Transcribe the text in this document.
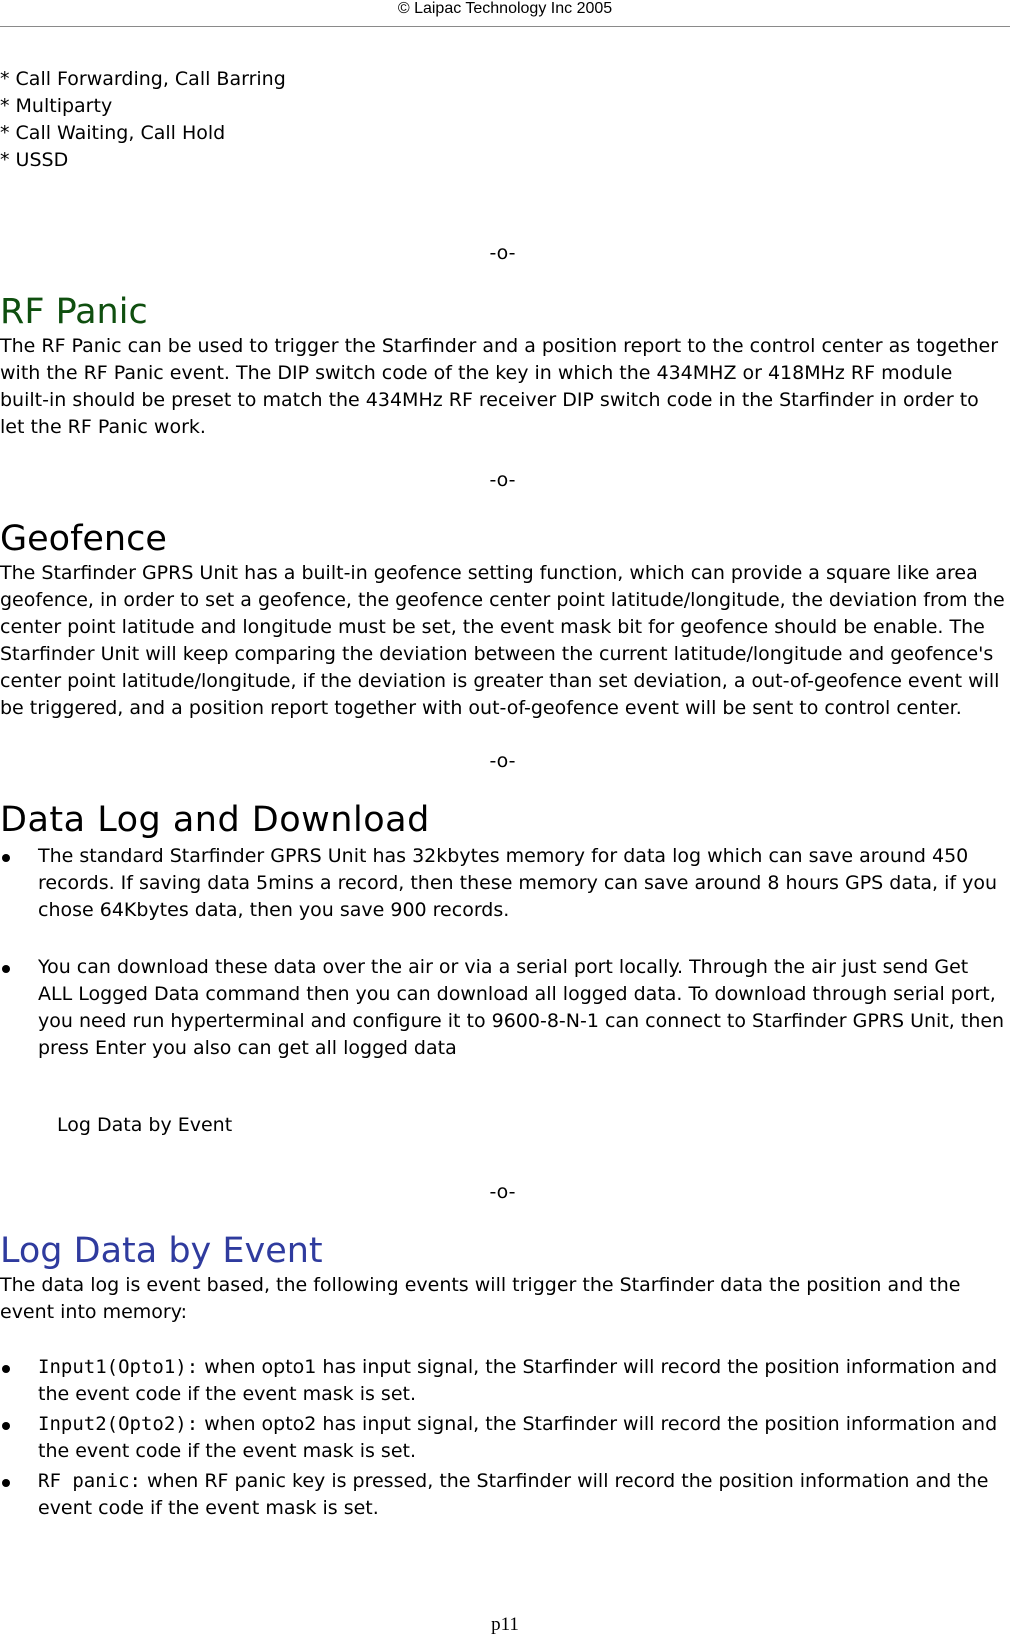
© Laipac Technology Inc 2005
* Call Forwarding, Call Barring
* Multiparty
* Call Waiting, Call Hold
* USSD
-o-
RF Panic

The RF Panic can be used to trigger the Starfinder and a position report to the control center as together with the RF Panic event. The DIP switch code of the key in which the 434MHZ or 418MHz RF module built-in should be preset to match the 434MHz RF receiver DIP switch code in the Starfinder in order to let the RF Panic work.

-o-
Geofence

The Starfinder GPRS Unit has a built-in geofence setting function, which can provide a square like area geofence, in order to set a geofence, the geofence center point latitude/longitude, the deviation from the center point latitude and longitude must be set, the event mask bit for geofence should be enable. The Starfinder Unit will keep comparing the deviation between the current latitude/longitude and geofence's center point latitude/longitude, if the deviation is greater than set deviation, a out-of-geofence event will be triggered, and a position report together with out-of-geofence event will be sent to control center.

-o-
Data Log and Download
The standard Starfinder GPRS Unit has 32kbytes memory for data log which can save around 450 records. If saving data 5mins a record, then these memory can save around 8 hours GPS data, if you chose 64Kbytes data, then you save 900 records.
You can download these data over the air or via a serial port locally. Through the air just send Get ALL Logged Data command then you can download all logged data. To download through serial port, you need run hyperterminal and configure it to 9600-8-N-1 can connect to Starfinder GPRS Unit, then press Enter you also can get all logged data
Log Data by Event
-o-
Log Data by Event

The data log is event based, the following events will trigger the Starfinder data the position and the event into memory:

Input1(Opto1): when opto1 has input signal, the Starfinder will record the position information and the event code if the event mask is set.
Input2(Opto2): when opto2 has input signal, the Starfinder will record the position information and the event code if the event mask is set.
RF panic: when RF panic key is pressed, the Starfinder will record the position information and the event code if the event mask is set.
p11
